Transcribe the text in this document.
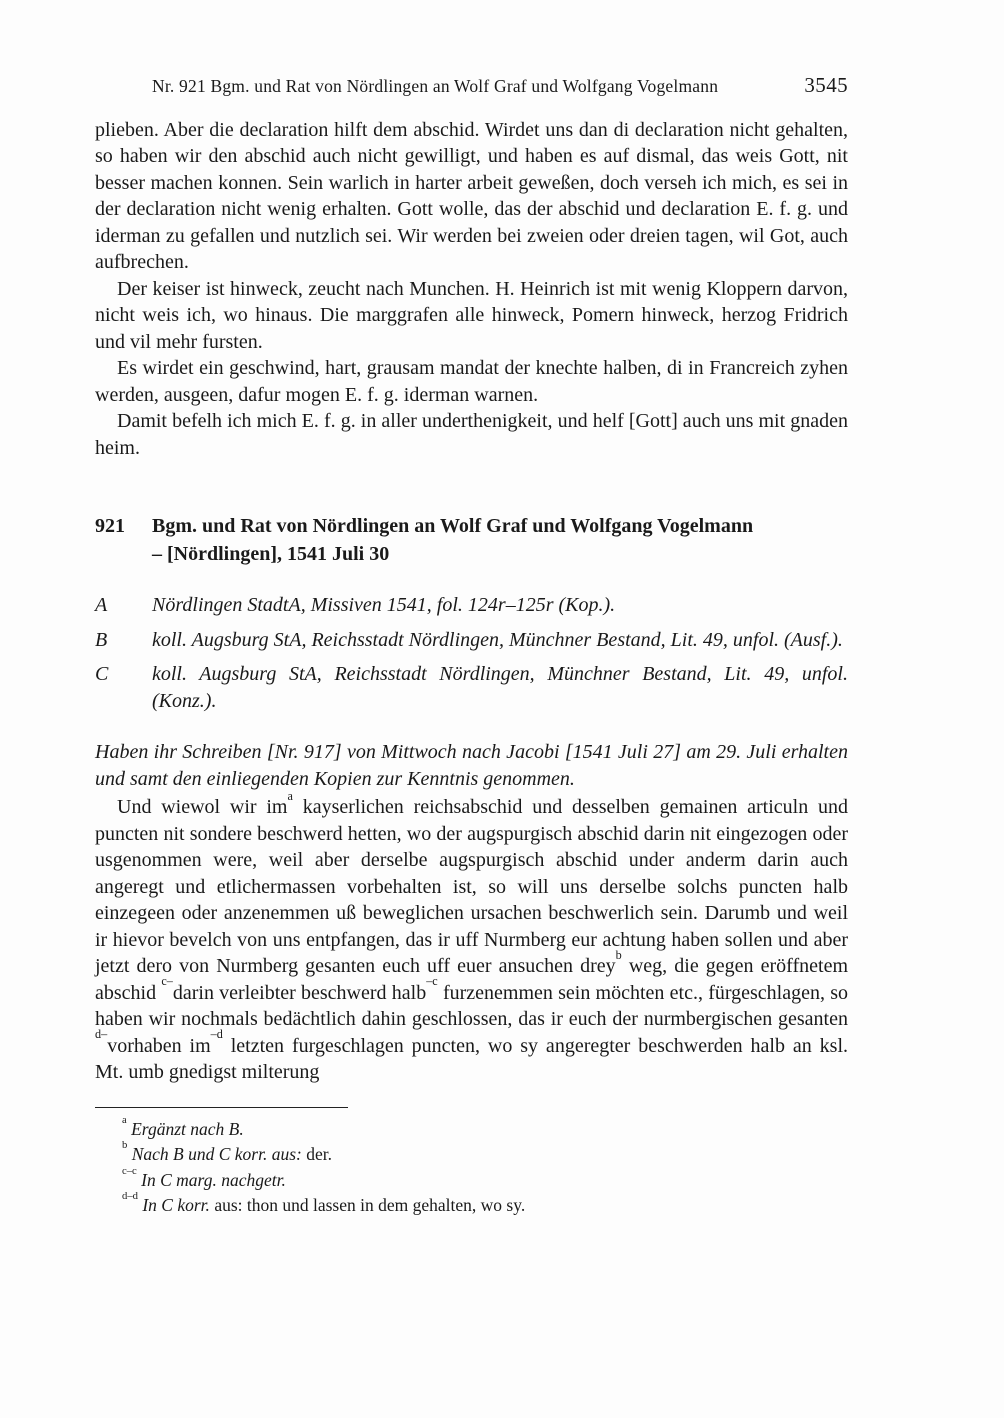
Nr. 921 Bgm. und Rat von Nördlingen an Wolf Graf und Wolfgang Vogelmann	3545

plieben. Aber die declaration hilft dem abschid. Wirdet uns dan di declaration nicht gehalten, so haben wir den abschid auch nicht gewilligt, und haben es auf dismal, das weis Gott, nit besser machen konnen. Sein warlich in harter arbeit geweßen, doch verseh ich mich, es sei in der declaration nicht wenig erhalten. Gott wolle, das der abschid und declaration E. f. g. und iderman zu gefallen und nutzlich sei. Wir werden bei zweien oder dreien tagen, wil Got, auch aufbrechen.

Der keiser ist hinweck, zeucht nach Munchen. H. Heinrich ist mit wenig Kloppern darvon, nicht weis ich, wo hinaus. Die marggrafen alle hinweck, Pomern hinweck, herzog Fridrich und vil mehr fursten.

Es wirdet ein geschwind, hart, grausam mandat der knechte halben, di in Francreich zyhen werden, ausgeen, dafur mogen E. f. g. iderman warnen.

Damit befelh ich mich E. f. g. in aller underthenigkeit, und helf [Gott] auch uns mit gnaden heim.

921	Bgm. und Rat von Nördlingen an Wolf Graf und Wolfgang Vogelmann
– [Nördlingen], 1541 Juli 30
A	Nördlingen StadtA, Missiven 1541, fol. 124r–125r (Kop.).
B	koll. Augsburg StA, Reichsstadt Nördlingen, Münchner Bestand, Lit. 49, unfol. (Ausf.).
C	koll. Augsburg StA, Reichsstadt Nördlingen, Münchner Bestand, Lit. 49, unfol. (Konz.).

Haben ihr Schreiben [Nr. 917] von Mittwoch nach Jacobi [1541 Juli 27] am 29. Juli erhalten und samt den einliegenden Kopien zur Kenntnis genommen.

Und wiewol wir $im^a$ kayserlichen reichsabschid und desselben gemainen articuln und puncten nit sondere beschwerd hetten, wo der augspurgisch abschid darin nit eingezogen oder usgenommen were, weil aber derselbe augspurgisch abschid under anderm darin auch angeregt und etlichermassen vorbehalten ist, so will uns derselbe solchs puncten halb einzegeen oder anzenemmen uß beweglichen ursachen beschwerlich sein. Darumb und weil ir hievor bevelch von uns entpfangen, das ir uff Nurmberg eur achtung haben sollen und aber jetzt dero von Nurmberg gesanten euch uff euer ansuchen drey$^b$ weg, die gegen eröffnetem abschid $^{c-}$darin verleibter beschwerd halb$^{-c}$ furzenemmen sein möchten etc., fürgeschlagen, so haben wir nochmals bedächtlich dahin geschlossen, das ir euch der nurmbergischen gesanten $^{d-}$vorhaben $im^{-d}$ letzten furgeschlagen puncten, wo sy angeregter beschwerden halb an ksl. Mt. umb gnedigst milterung

$^a$ Ergänzt nach B.
$^b$ Nach B und C korr. aus: der.
$^{c-c}$ In C marg. nachgetr.
$^{d-d}$ In C korr. aus: thon und lassen in dem gehalten, wo sy.
